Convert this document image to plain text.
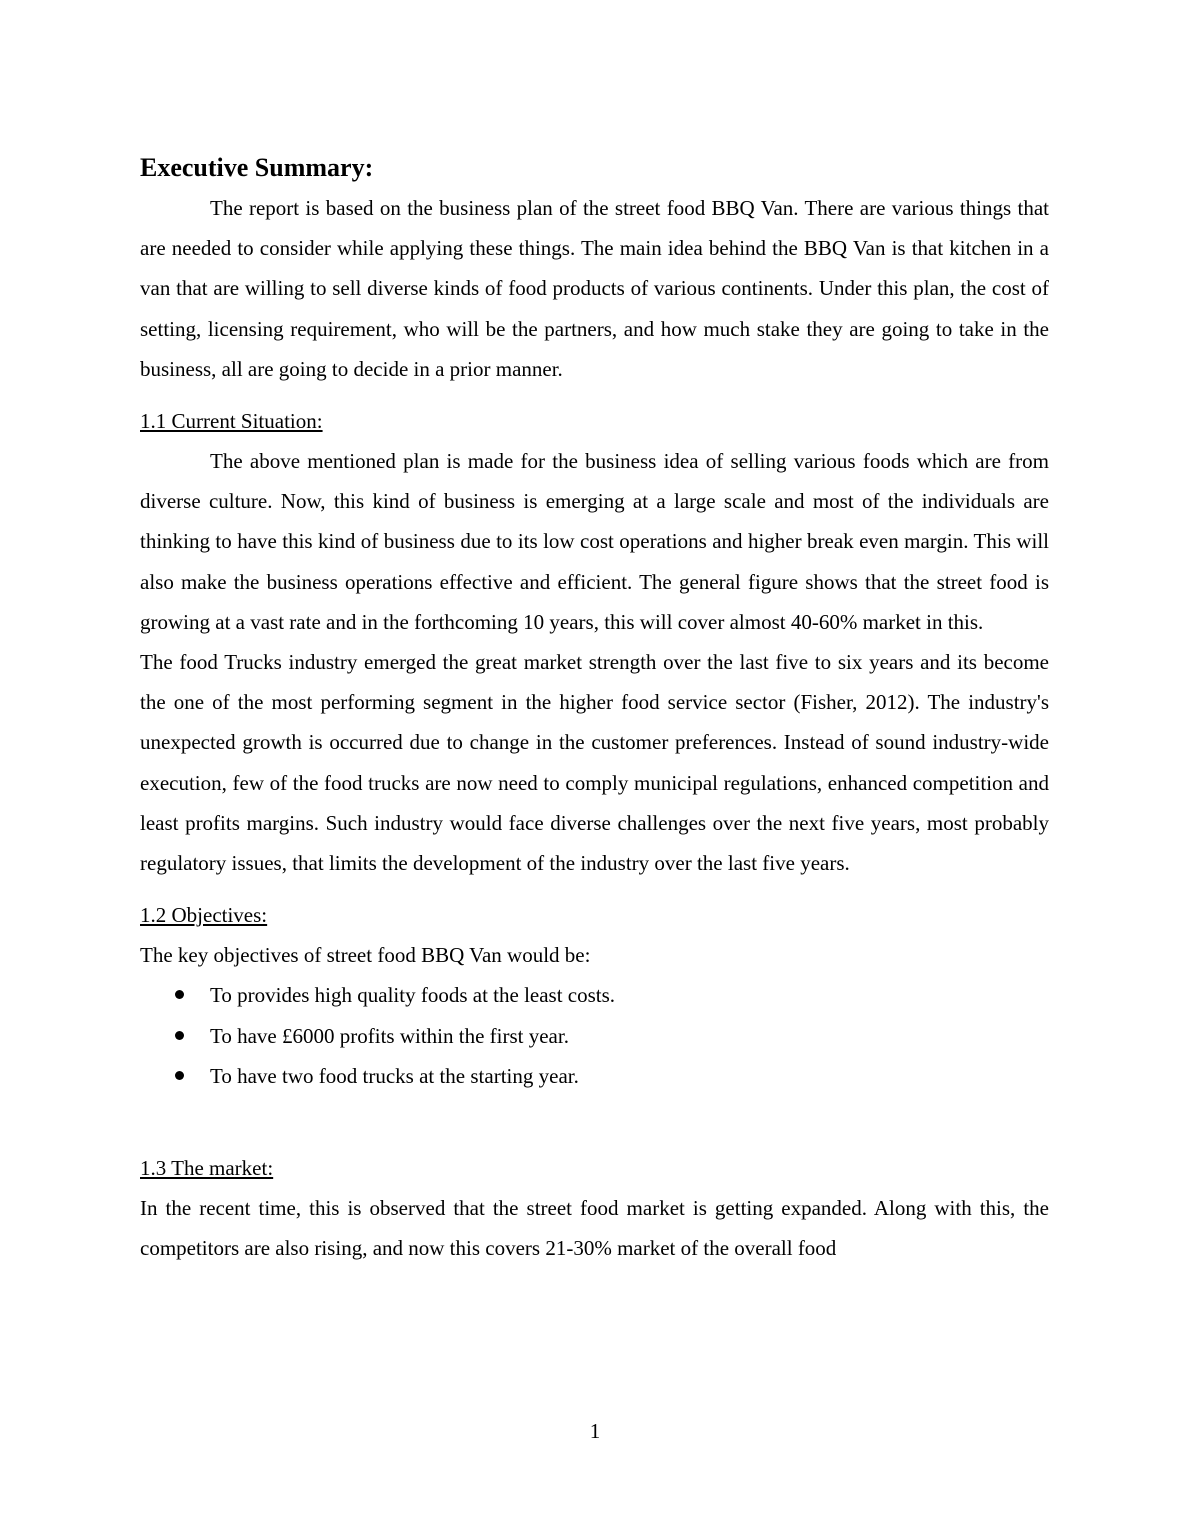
Executive Summary:

The report is based on the business plan of the street food BBQ Van. There are various things that are needed to consider while applying these things. The main idea behind the BBQ Van is that kitchen in a van that are willing to sell diverse kinds of food products of various continents. Under this plan, the cost of setting, licensing requirement, who will be the partners, and how much stake they are going to take in the business, all are going to decide in a prior manner.

1.1 Current Situation:

The above mentioned plan is made for the business idea of selling various foods which are from diverse culture. Now, this kind of business is emerging at a large scale and most of the individuals are thinking to have this kind of business due to its low cost operations and higher break even margin. This will also make the business operations effective and efficient. The general figure shows that the street food is growing at a vast rate and in the forthcoming 10 years, this will cover almost 40-60% market in this.

The food Trucks industry emerged the great market strength over the last five to six years and its become the one of the most performing segment in the higher food service sector (Fisher, 2012). The industry's unexpected growth is occurred due to change in the customer preferences. Instead of sound industry-wide execution, few of the food trucks are now need to comply municipal regulations, enhanced competition and least profits margins. Such industry would face diverse challenges over the next five years, most probably regulatory issues, that limits the development of the industry over the last five years.

1.2 Objectives:

The key objectives of street food BBQ Van would be:

To provides high quality foods at the least costs.
To have £6000 profits within the first year.
To have two food trucks at the starting year.
1.3 The market:

In the recent time, this is observed that the street food market is getting expanded. Along with this, the competitors are also rising, and now this covers 21-30% market of the overall food

1
